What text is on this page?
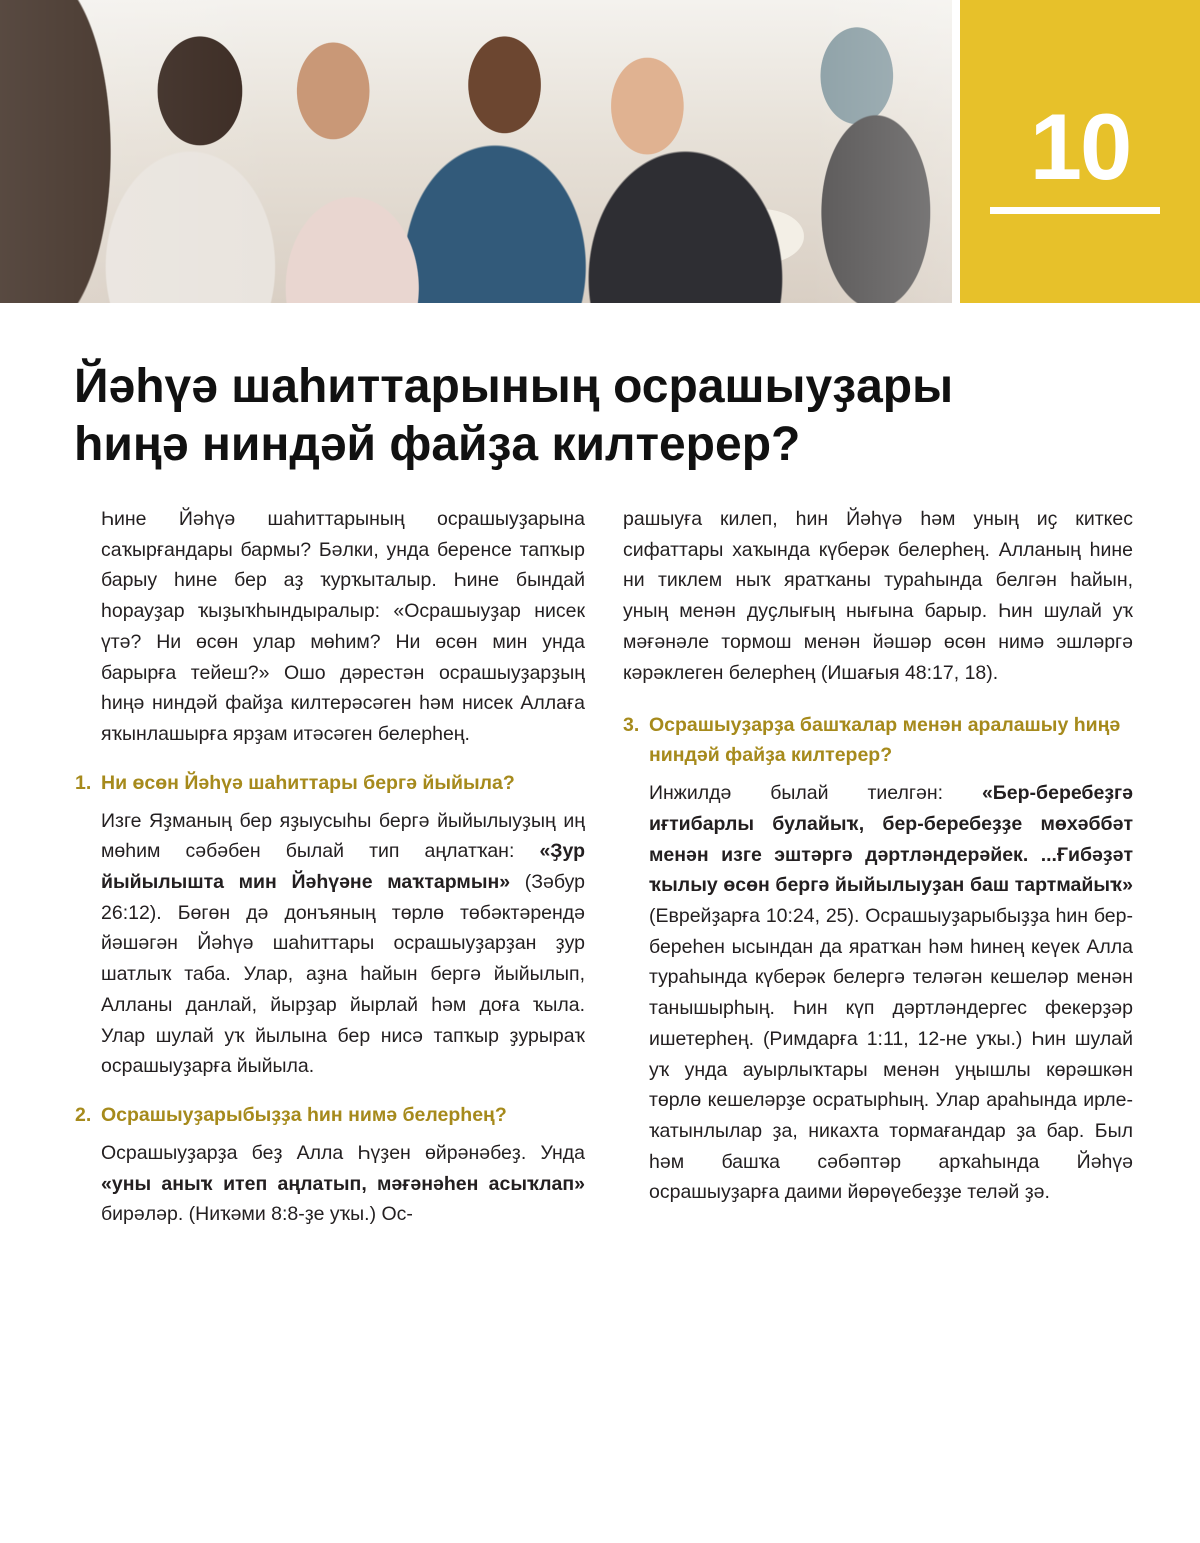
10
Йәһүә шаһиттарының осрашыуҙары
һиңә ниндәй файҙа килтерер?

Һине Йәһүә шаһиттарының осрашыуҙарына саҡырғандары бармы? Бәлки, унда беренсе тапҡыр барыу һине бер аҙ ҡурҡыталыр. Һине бындай һорауҙар ҡыҙыҡһындыралыр: «Осрашыуҙар нисек үтә? Ни өсөн улар мөһим? Ни өсөн мин унда барырға тейеш?» Ошо дәрестән осрашыуҙарҙың һиңә ниндәй файҙа килтерәсәген һәм нисек Аллаға яҡынлашырға ярҙам итәсәген белерһең.

1. Ни өсөн Йәһүә шаһиттары бергә йыйыла?

Изге Яҙманың бер яҙыусыһы бергә йыйылыуҙың иң мөһим сәбәбен былай тип аңлатҡан: «Ҙур йыйылышта мин Йәһүәне маҡтармын» (Зәбур 26:12). Бөгөн дә донъяның төрлө төбәктәрендә йәшәгән Йәһүә шаһиттары осрашыуҙарҙан ҙур шатлыҡ таба. Улар, аҙна һайын бергә йыйылып, Алланы данлай, йырҙар йырлай һәм доға ҡыла. Улар шулай уҡ йылына бер нисә тапҡыр ҙурыраҡ осрашыуҙарға йыйыла.

2. Осрашыуҙарыбыҙҙа һин нимә белерһең?

Осрашыуҙарҙа беҙ Алла Һүҙен өйрәнәбеҙ. Унда «уны аныҡ итеп аңлатып, мәғәнәһен асыҡлап» бирәләр. (Ниҡәми 8:8-ҙе уҡы.) Ос-

рашыуға килеп, һин Йәһүә һәм уның иҫ киткес сифаттары хаҡында күберәк белерһең. Алланың һине ни тиклем ныҡ яратҡаны тураһында белгән һайын, уның менән дуҫлығың нығына барыр. Һин шулай уҡ мәғәнәле тормош менән йәшәр өсөн нимә эшләргә кәрәклеген белерһең (Ишағыя 48:17, 18).

3. Осрашыуҙарҙа башҡалар менән аралашыу һиңә ниндәй файҙа килтерер?

Инжилдә былай тиелгән: «Бер-беребеҙгә иғтибарлы булайыҡ, бер-беребеҙҙе мөхәббәт менән изге эштәргә дәртләндерәйек. ...Ғибәҙәт ҡылыу өсөн бергә йыйылыуҙан баш тартмайыҡ» (Еврейҙарға 10:24, 25). Осрашыуҙарыбыҙҙа һин бер-береһен ысындан да яратҡан һәм һинең кеүек Алла тураһында күберәк белергә теләгән кешеләр менән танышырһың. Һин күп дәртләндергес фекерҙәр ишетерһең. (Римдарға 1:11, 12-не уҡы.) Һин шулай уҡ унда ауырлыҡтары менән уңышлы көрәшкән төрлө кешеләрҙе осратырһың. Улар араһында ирле-ҡатынлылар ҙа, никахта тормағандар ҙа бар. Был һәм башҡа сәбәптәр арҡаһында Йәһүә осрашыуҙарға даими йөрөүебеҙҙе теләй ҙә.
